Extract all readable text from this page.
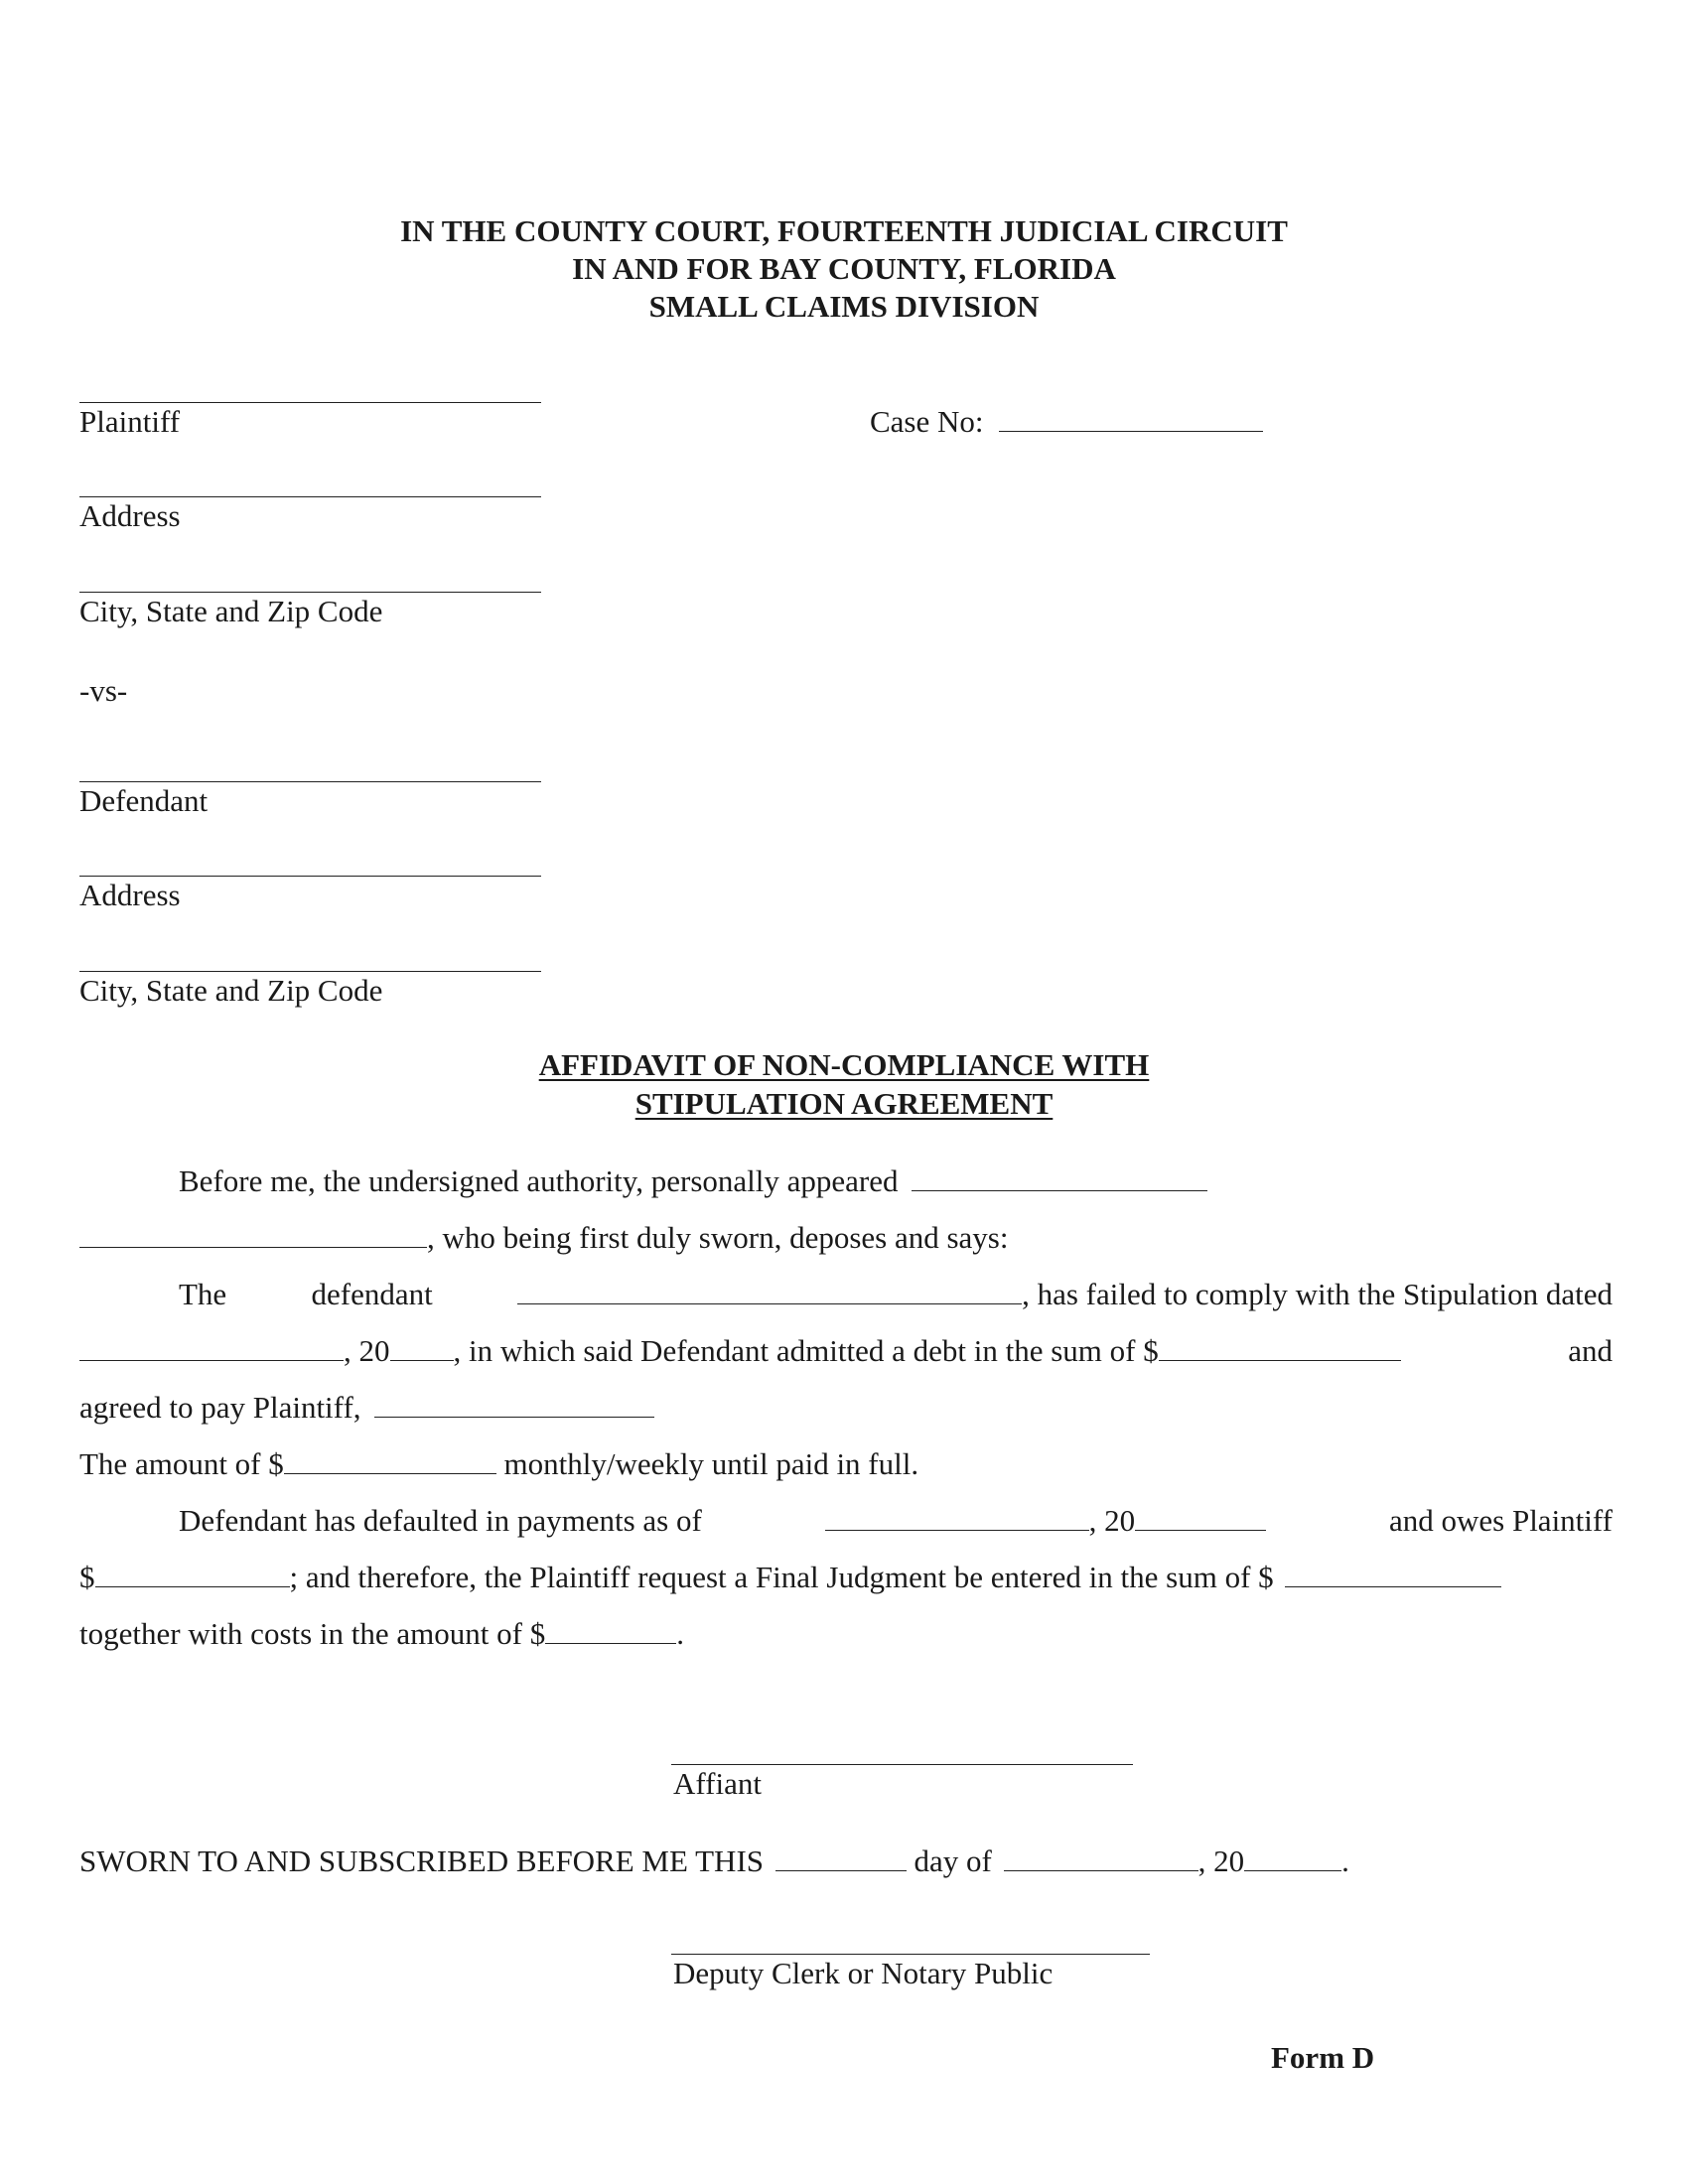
IN THE COUNTY COURT, FOURTEENTH JUDICIAL CIRCUIT
IN AND FOR BAY COUNTY, FLORIDA
SMALL CLAIMS DIVISION
Plaintiff
Address
City, State and Zip Code
-vs-
Defendant
Address
City, State and Zip Code
Case No:
AFFIDAVIT OF NON-COMPLIANCE WITH
STIPULATION AGREEMENT
Before me, the undersigned authority, personally appeared
, who being first duly sworn, deposes and says:
The	defendant	, has failed to comply with the Stipulation dated
, 20 , in which said Defendant admitted a debt in the sum of $	and
agreed to pay Plaintiff,
The amount of $	monthly/weekly until paid in full.
Defendant has defaulted in payments as of	, 20	and owes Plaintiff
$	; and therefore, the Plaintiff request a Final Judgment be entered in the sum of $
together with costs in the amount of $	.
Affiant
SWORN TO AND SUBSCRIBED BEFORE ME THIS	day of	, 20	.
Deputy Clerk or Notary Public
Form D
